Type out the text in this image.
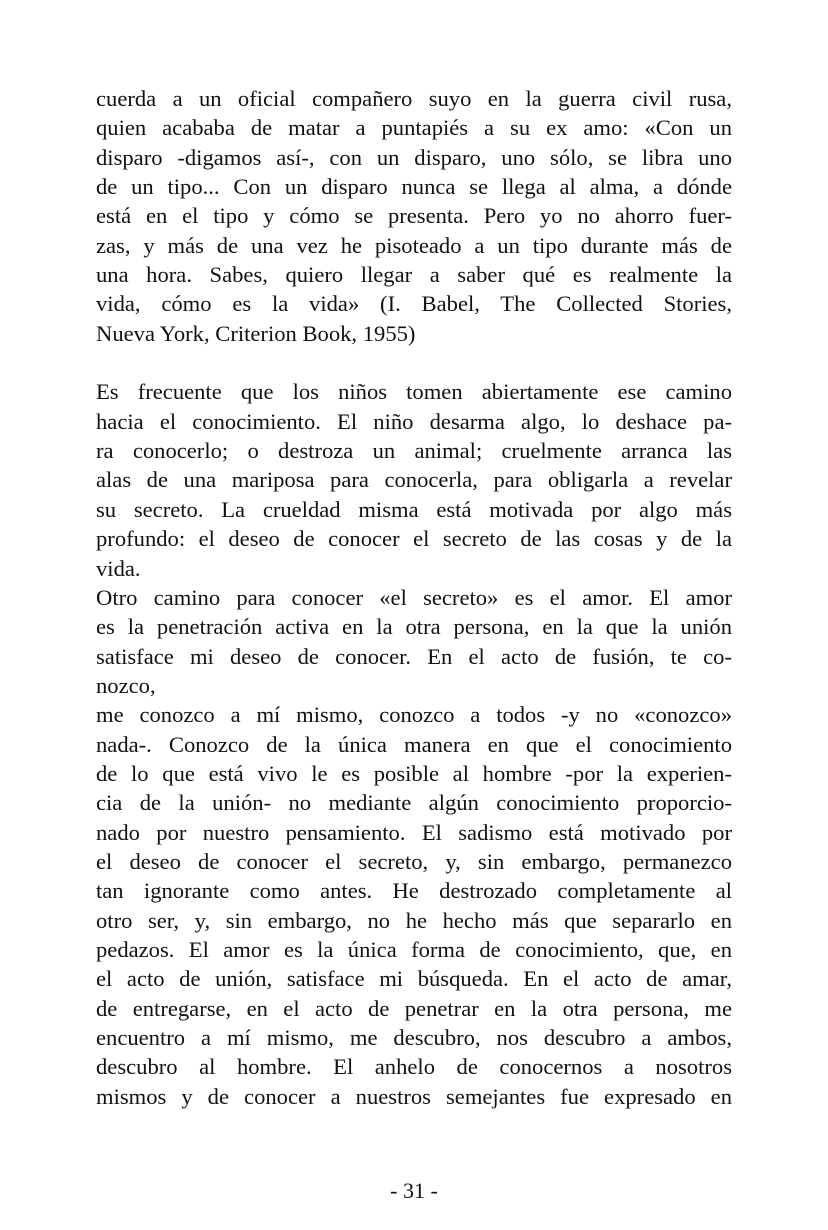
cuerda a un oficial compañero suyo en la guerra civil rusa,
quien acababa de matar a puntapiés a su ex amo: «Con un
disparo -digamos así-, con un disparo, uno sólo, se libra uno
de un tipo... Con un disparo nunca se llega al alma, a dónde
está en el tipo y cómo se presenta. Pero yo no ahorro fuer-
zas, y más de una vez he pisoteado a un tipo durante más de
una hora. Sabes, quiero llegar a saber qué es realmente la
vida, cómo es la vida» (I. Babel, The Collected Stories,
Nueva York, Criterion Book, 1955)
Es frecuente que los niños tomen abiertamente ese camino
hacia el conocimiento. El niño desarma algo, lo deshace pa-
ra conocerlo; o destroza un animal; cruelmente arranca las
alas de una mariposa para conocerla, para obligarla a revelar
su secreto. La crueldad misma está motivada por algo más
profundo: el deseo de conocer el secreto de las cosas y de la
vida.
Otro camino para conocer «el secreto» es el amor. El amor
es la penetración activa en la otra persona, en la que la unión
satisface mi deseo de conocer. En el acto de fusión, te co-
nozco,
me conozco a mí mismo, conozco a todos -y no «conozco»
nada-. Conozco de la única manera en que el conocimiento
de lo que está vivo le es posible al hombre -por la experien-
cia de la unión- no mediante algún conocimiento proporcio-
nado por nuestro pensamiento. El sadismo está motivado por
el deseo de conocer el secreto, y, sin embargo, permanezco
tan ignorante como antes. He destrozado completamente al
otro ser, y, sin embargo, no he hecho más que separarlo en
pedazos. El amor es la única forma de conocimiento, que, en
el acto de unión, satisface mi búsqueda. En el acto de amar,
de entregarse, en el acto de penetrar en la otra persona, me
encuentro a mí mismo, me descubro, nos descubro a ambos,
descubro al hombre. El anhelo de conocernos a nosotros
mismos y de conocer a nuestros semejantes fue expresado en
- 31 -
